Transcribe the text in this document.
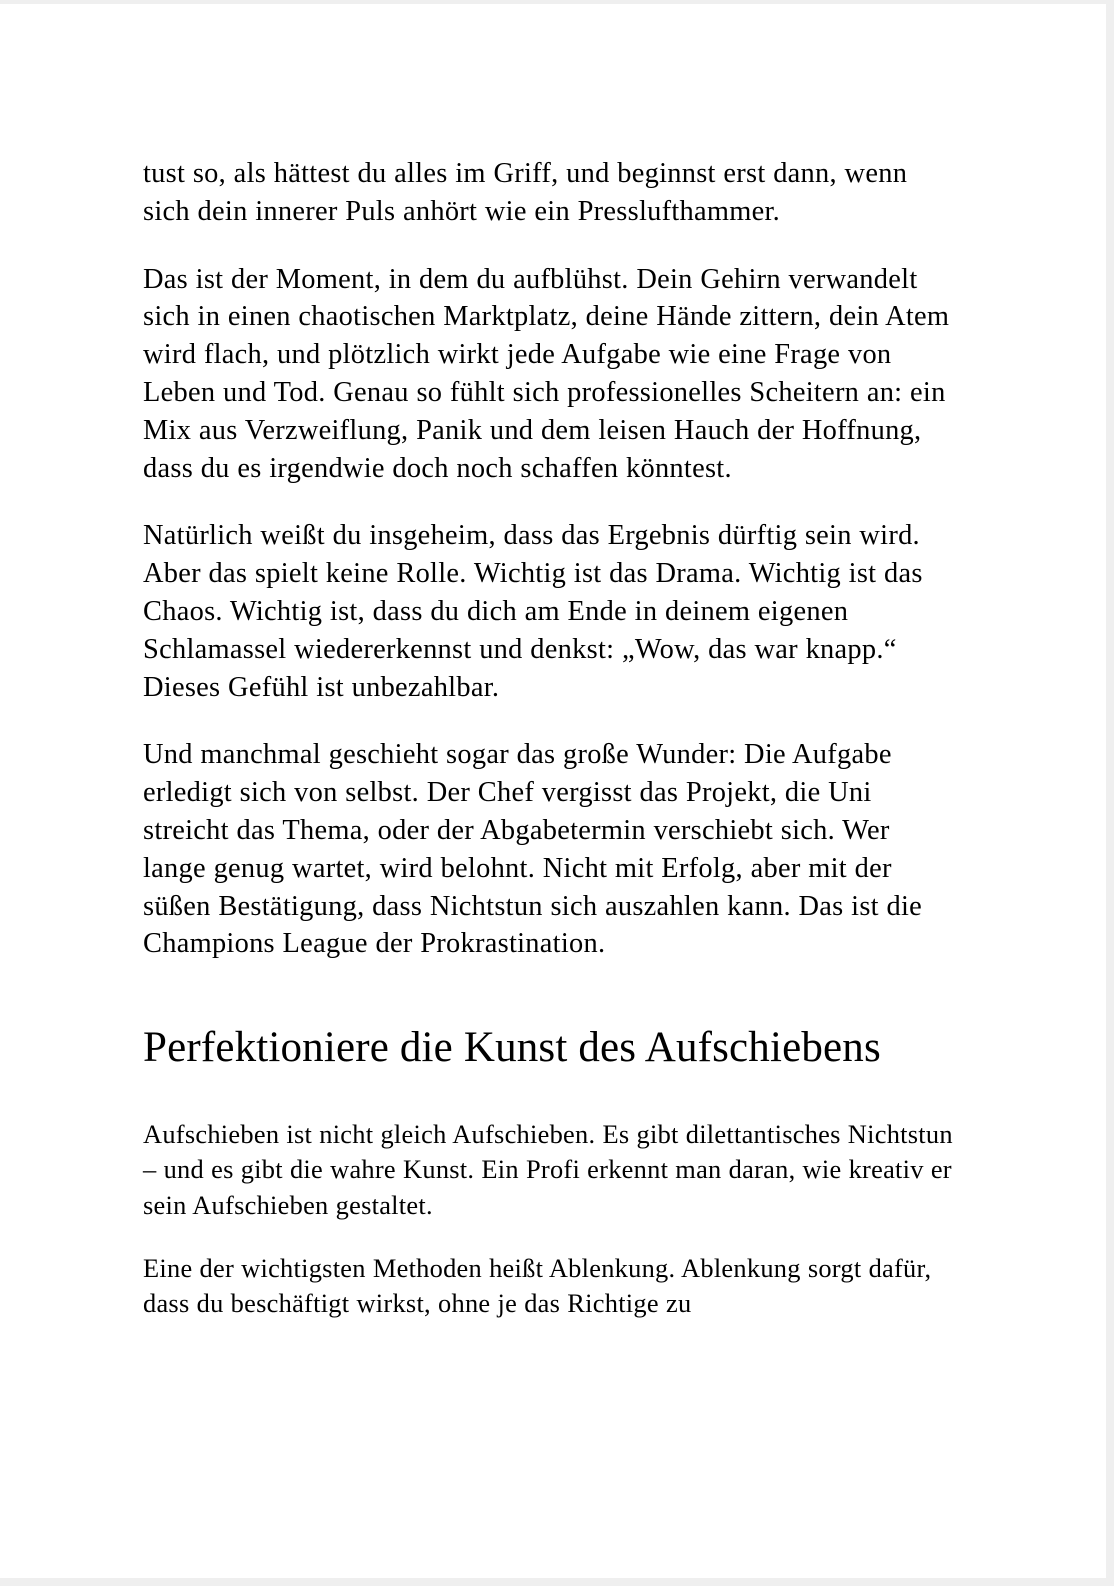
tust so, als hättest du alles im Griff, und beginnst erst dann, wenn sich dein innerer Puls anhört wie ein Presslufthammer.

Das ist der Moment, in dem du aufblühst. Dein Gehirn verwandelt sich in einen chaotischen Marktplatz, deine Hände zittern, dein Atem wird flach, und plötzlich wirkt jede Aufgabe wie eine Frage von Leben und Tod. Genau so fühlt sich professionelles Scheitern an: ein Mix aus Verzweiflung, Panik und dem leisen Hauch der Hoffnung, dass du es irgendwie doch noch schaffen könntest.

Natürlich weißt du insgeheim, dass das Ergebnis dürftig sein wird. Aber das spielt keine Rolle. Wichtig ist das Drama. Wichtig ist das Chaos. Wichtig ist, dass du dich am Ende in deinem eigenen Schlamassel wiedererkennst und denkst: „Wow, das war knapp.“ Dieses Gefühl ist unbezahlbar.

Und manchmal geschieht sogar das große Wunder: Die Aufgabe erledigt sich von selbst. Der Chef vergisst das Projekt, die Uni streicht das Thema, oder der Abgabetermin verschiebt sich. Wer lange genug wartet, wird belohnt. Nicht mit Erfolg, aber mit der süßen Bestätigung, dass Nichtstun sich auszahlen kann. Das ist die Champions League der Prokrastination.

Perfektioniere die Kunst des Aufschiebens

Aufschieben ist nicht gleich Aufschieben. Es gibt dilettantisches Nichtstun – und es gibt die wahre Kunst. Ein Profi erkennt man daran, wie kreativ er sein Aufschieben gestaltet.

Eine der wichtigsten Methoden heißt Ablenkung. Ablenkung sorgt dafür, dass du beschäftigt wirkst, ohne je das Richtige zu
